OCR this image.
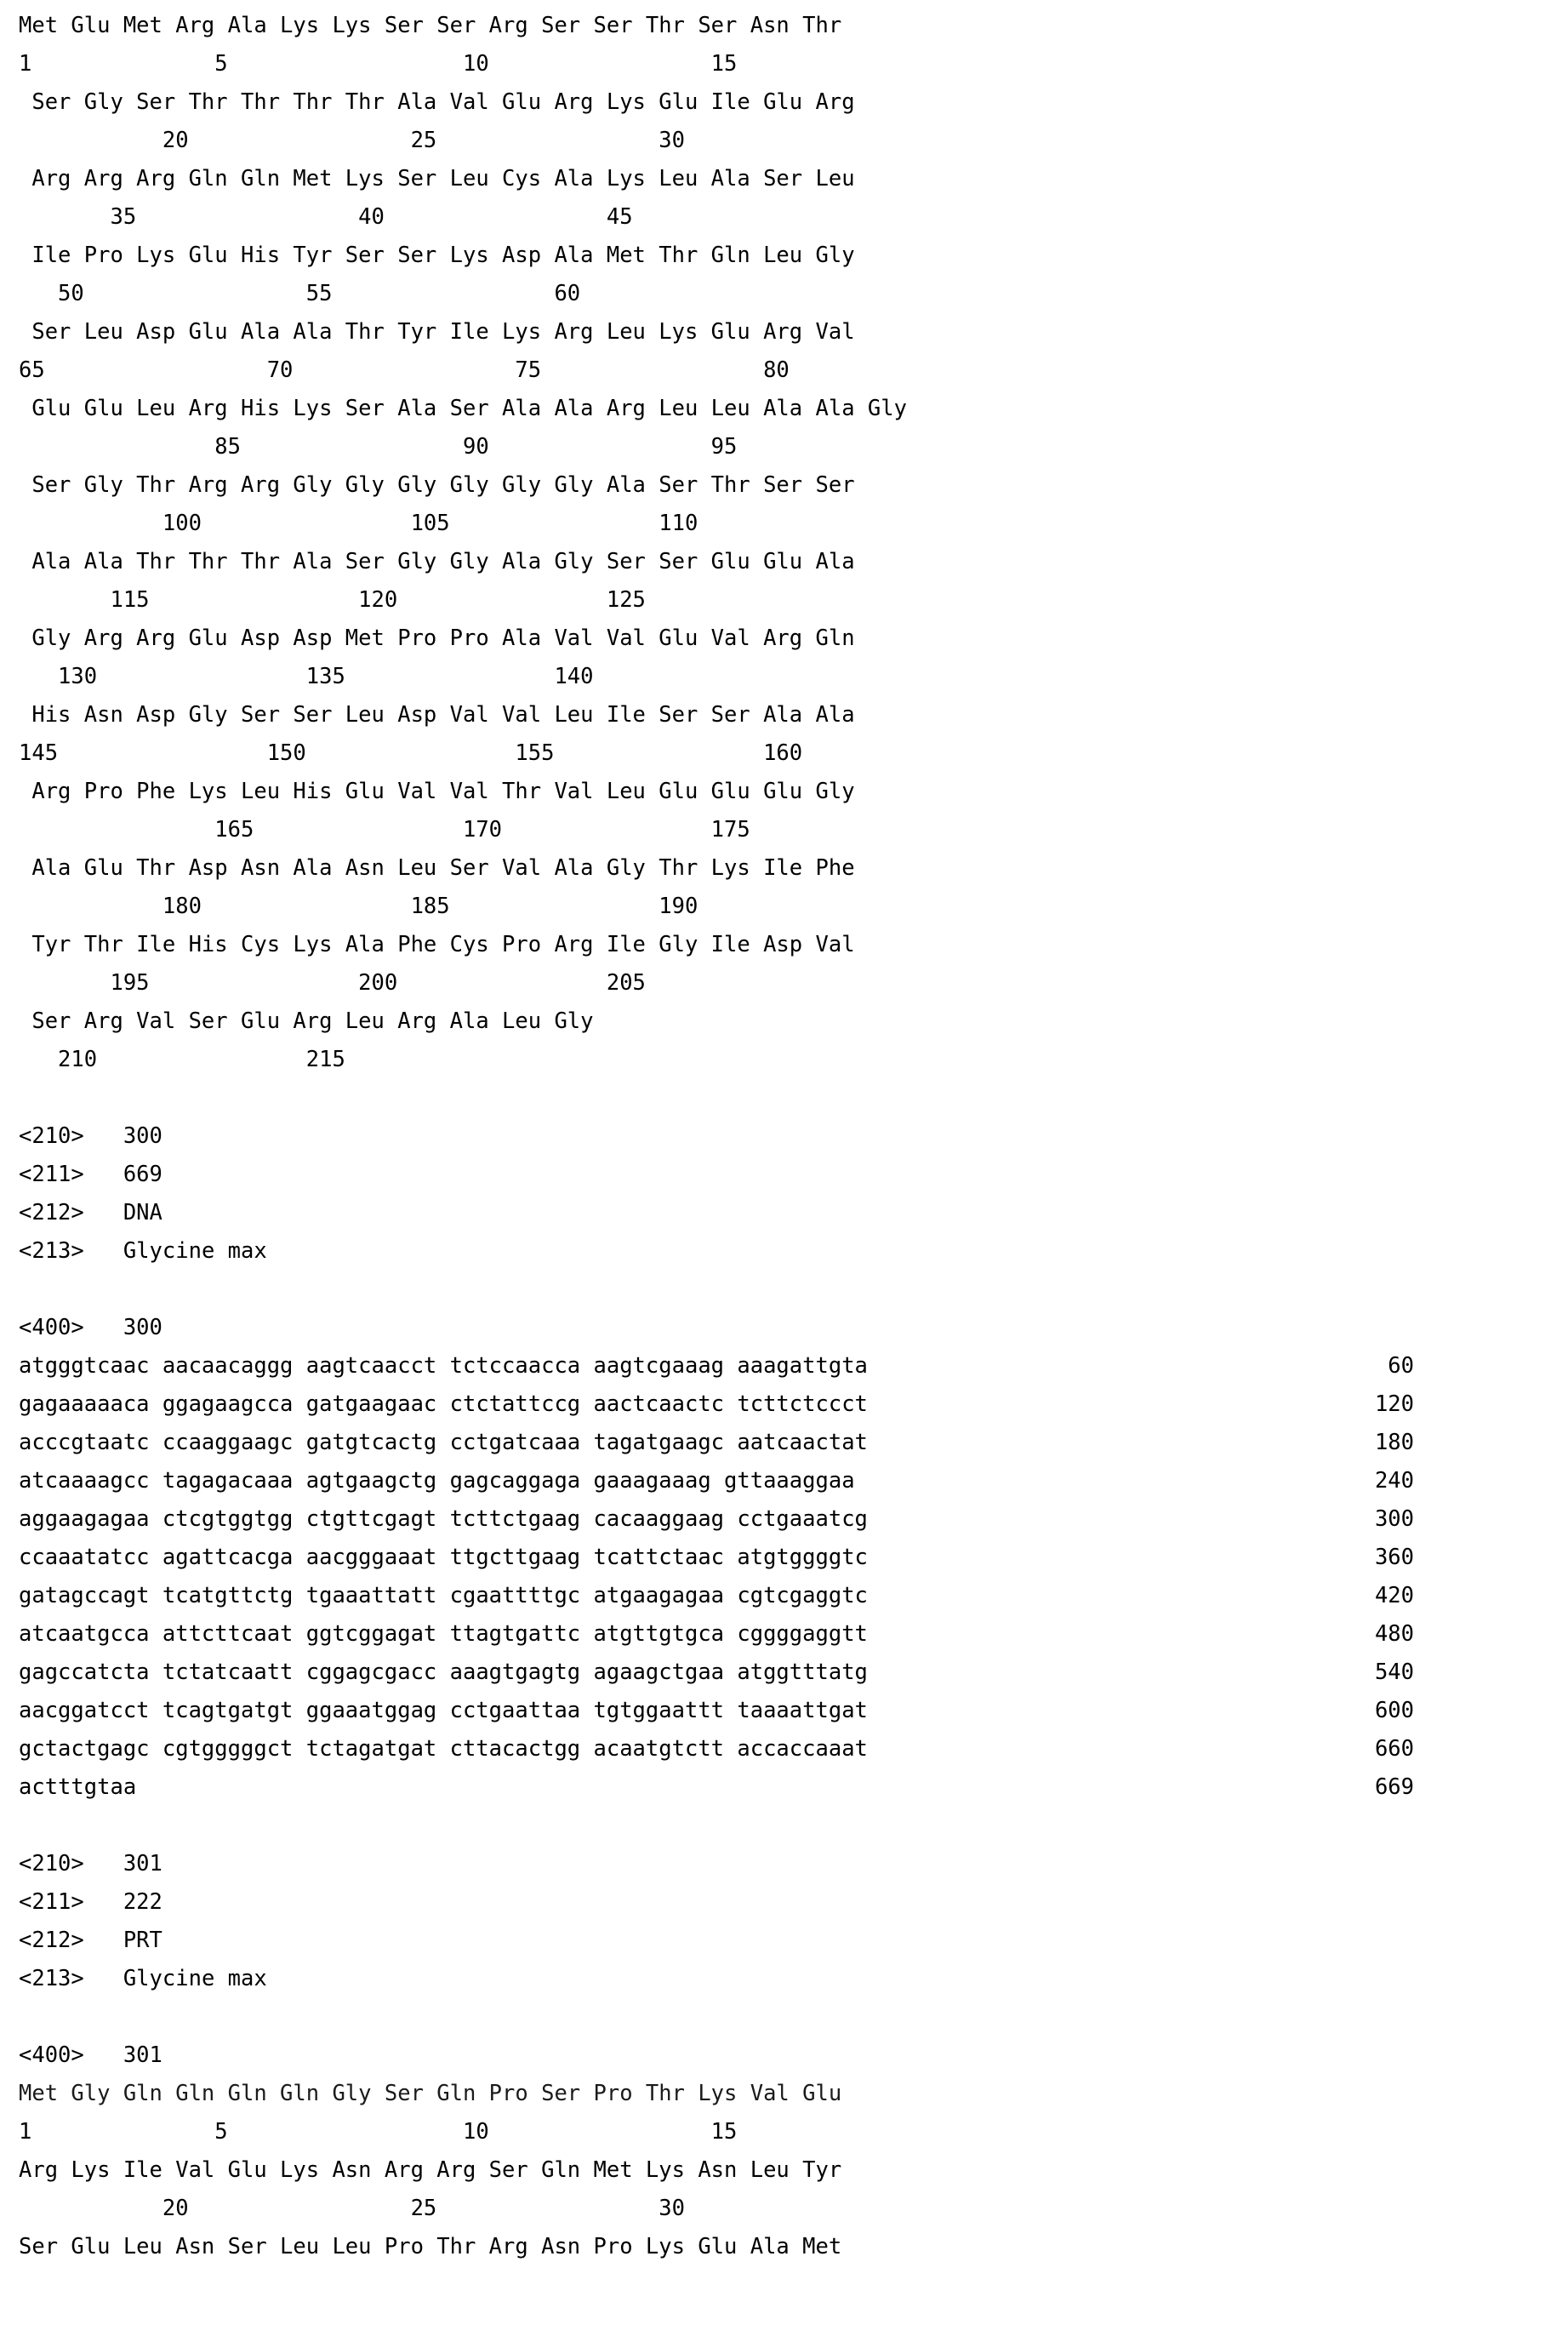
Met Glu Met Arg Ala Lys Lys Ser Ser Arg Ser Ser Thr Ser Asn Thr
1              5                  10                 15
Ser Gly Ser Thr Thr Thr Thr Ala Val Glu Arg Lys Glu Ile Glu Arg
20                 25                 30
Arg Arg Arg Gln Gln Met Lys Ser Leu Cys Ala Lys Leu Ala Ser Leu
35                 40                 45
Ile Pro Lys Glu His Tyr Ser Ser Lys Asp Ala Met Thr Gln Leu Gly
50                 55                 60
Ser Leu Asp Glu Ala Ala Thr Tyr Ile Lys Arg Leu Lys Glu Arg Val
65                 70                 75                 80
Glu Glu Leu Arg His Lys Ser Ala Ser Ala Ala Arg Leu Leu Ala Ala Gly
85                 90                 95
Ser Gly Thr Arg Arg Gly Gly Gly Gly Gly Gly Ala Ser Thr Ser Ser
100                105                110
Ala Ala Thr Thr Thr Ala Ser Gly Gly Ala Gly Ser Ser Glu Glu Ala
115                120                125
Gly Arg Arg Glu Asp Asp Met Pro Pro Ala Val Val Glu Val Arg Gln
130                135                140
His Asn Asp Gly Ser Ser Leu Asp Val Val Leu Ile Ser Ser Ala Ala
145                150                155                160
Arg Pro Phe Lys Leu His Glu Val Val Thr Val Leu Glu Glu Glu Gly
165                170                175
Ala Glu Thr Asp Asn Ala Asn Leu Ser Val Ala Gly Thr Lys Ile Phe
180                185                190
Tyr Thr Ile His Cys Lys Ala Phe Cys Pro Arg Ile Gly Ile Asp Val
195                200                205
Ser Arg Val Ser Glu Arg Leu Arg Ala Leu Gly
210                215
<210> 300
<211> 669
<212> DNA
<213> Glycine max
<400> 300
atgggtcaac aacaacaggg aagtcaacct tctccaacca aagtcgaaag aaagattgta	60
gagaaaaaca ggagaagcca gatgaagaac ctctattccg aactcaactc tcttctccct	120
acccgtaatc ccaaggaagc gatgtcactg cctgatcaaa tagatgaagc aatcaactat	180
atcaaaagcc tagagacaaa agtgaagctg gagcaggaga gaaagaaag gttaaaggaa	240
aggaagagaa ctcgtggtgg ctgttcgagt tcttctgaag cacaaggaag cctgaaatcg	300
ccaaatatcc agattcacga aacgggaaat ttgcttgaag tcattctaac atgtggggtc	360
gatagccagt tcatgttctg tgaaattatt cgaattttgc atgaagagaa cgtcgaggtc	420
atcaatgcca attcttcaat ggtcggagat ttagtgattc atgttgtgca cggggaggtt	480
gagccatcta tctatcaatt cggagcgacc aaagtgagtg agaagctgaa atggtttatg	540
aacggatcct tcagtgatgt ggaaatggag cctgaattaa tgtggaattt taaaattgat	600
gctactgagc cgtgggggct tctagatgat cttacactgg acaatgtctt accaccaaat	660
actttgtaa	669
<210> 301
<211> 222
<212> PRT
<213> Glycine max
<400> 301
Met Gly Gln Gln Gln Gln Gly Ser Gln Pro Ser Pro Thr Lys Val Glu
1              5                  10                 15
Arg Lys Ile Val Glu Lys Asn Arg Arg Ser Gln Met Lys Asn Leu Tyr
20                 25                 30
Ser Glu Leu Asn Ser Leu Leu Pro Thr Arg Asn Pro Lys Glu Ala Met
